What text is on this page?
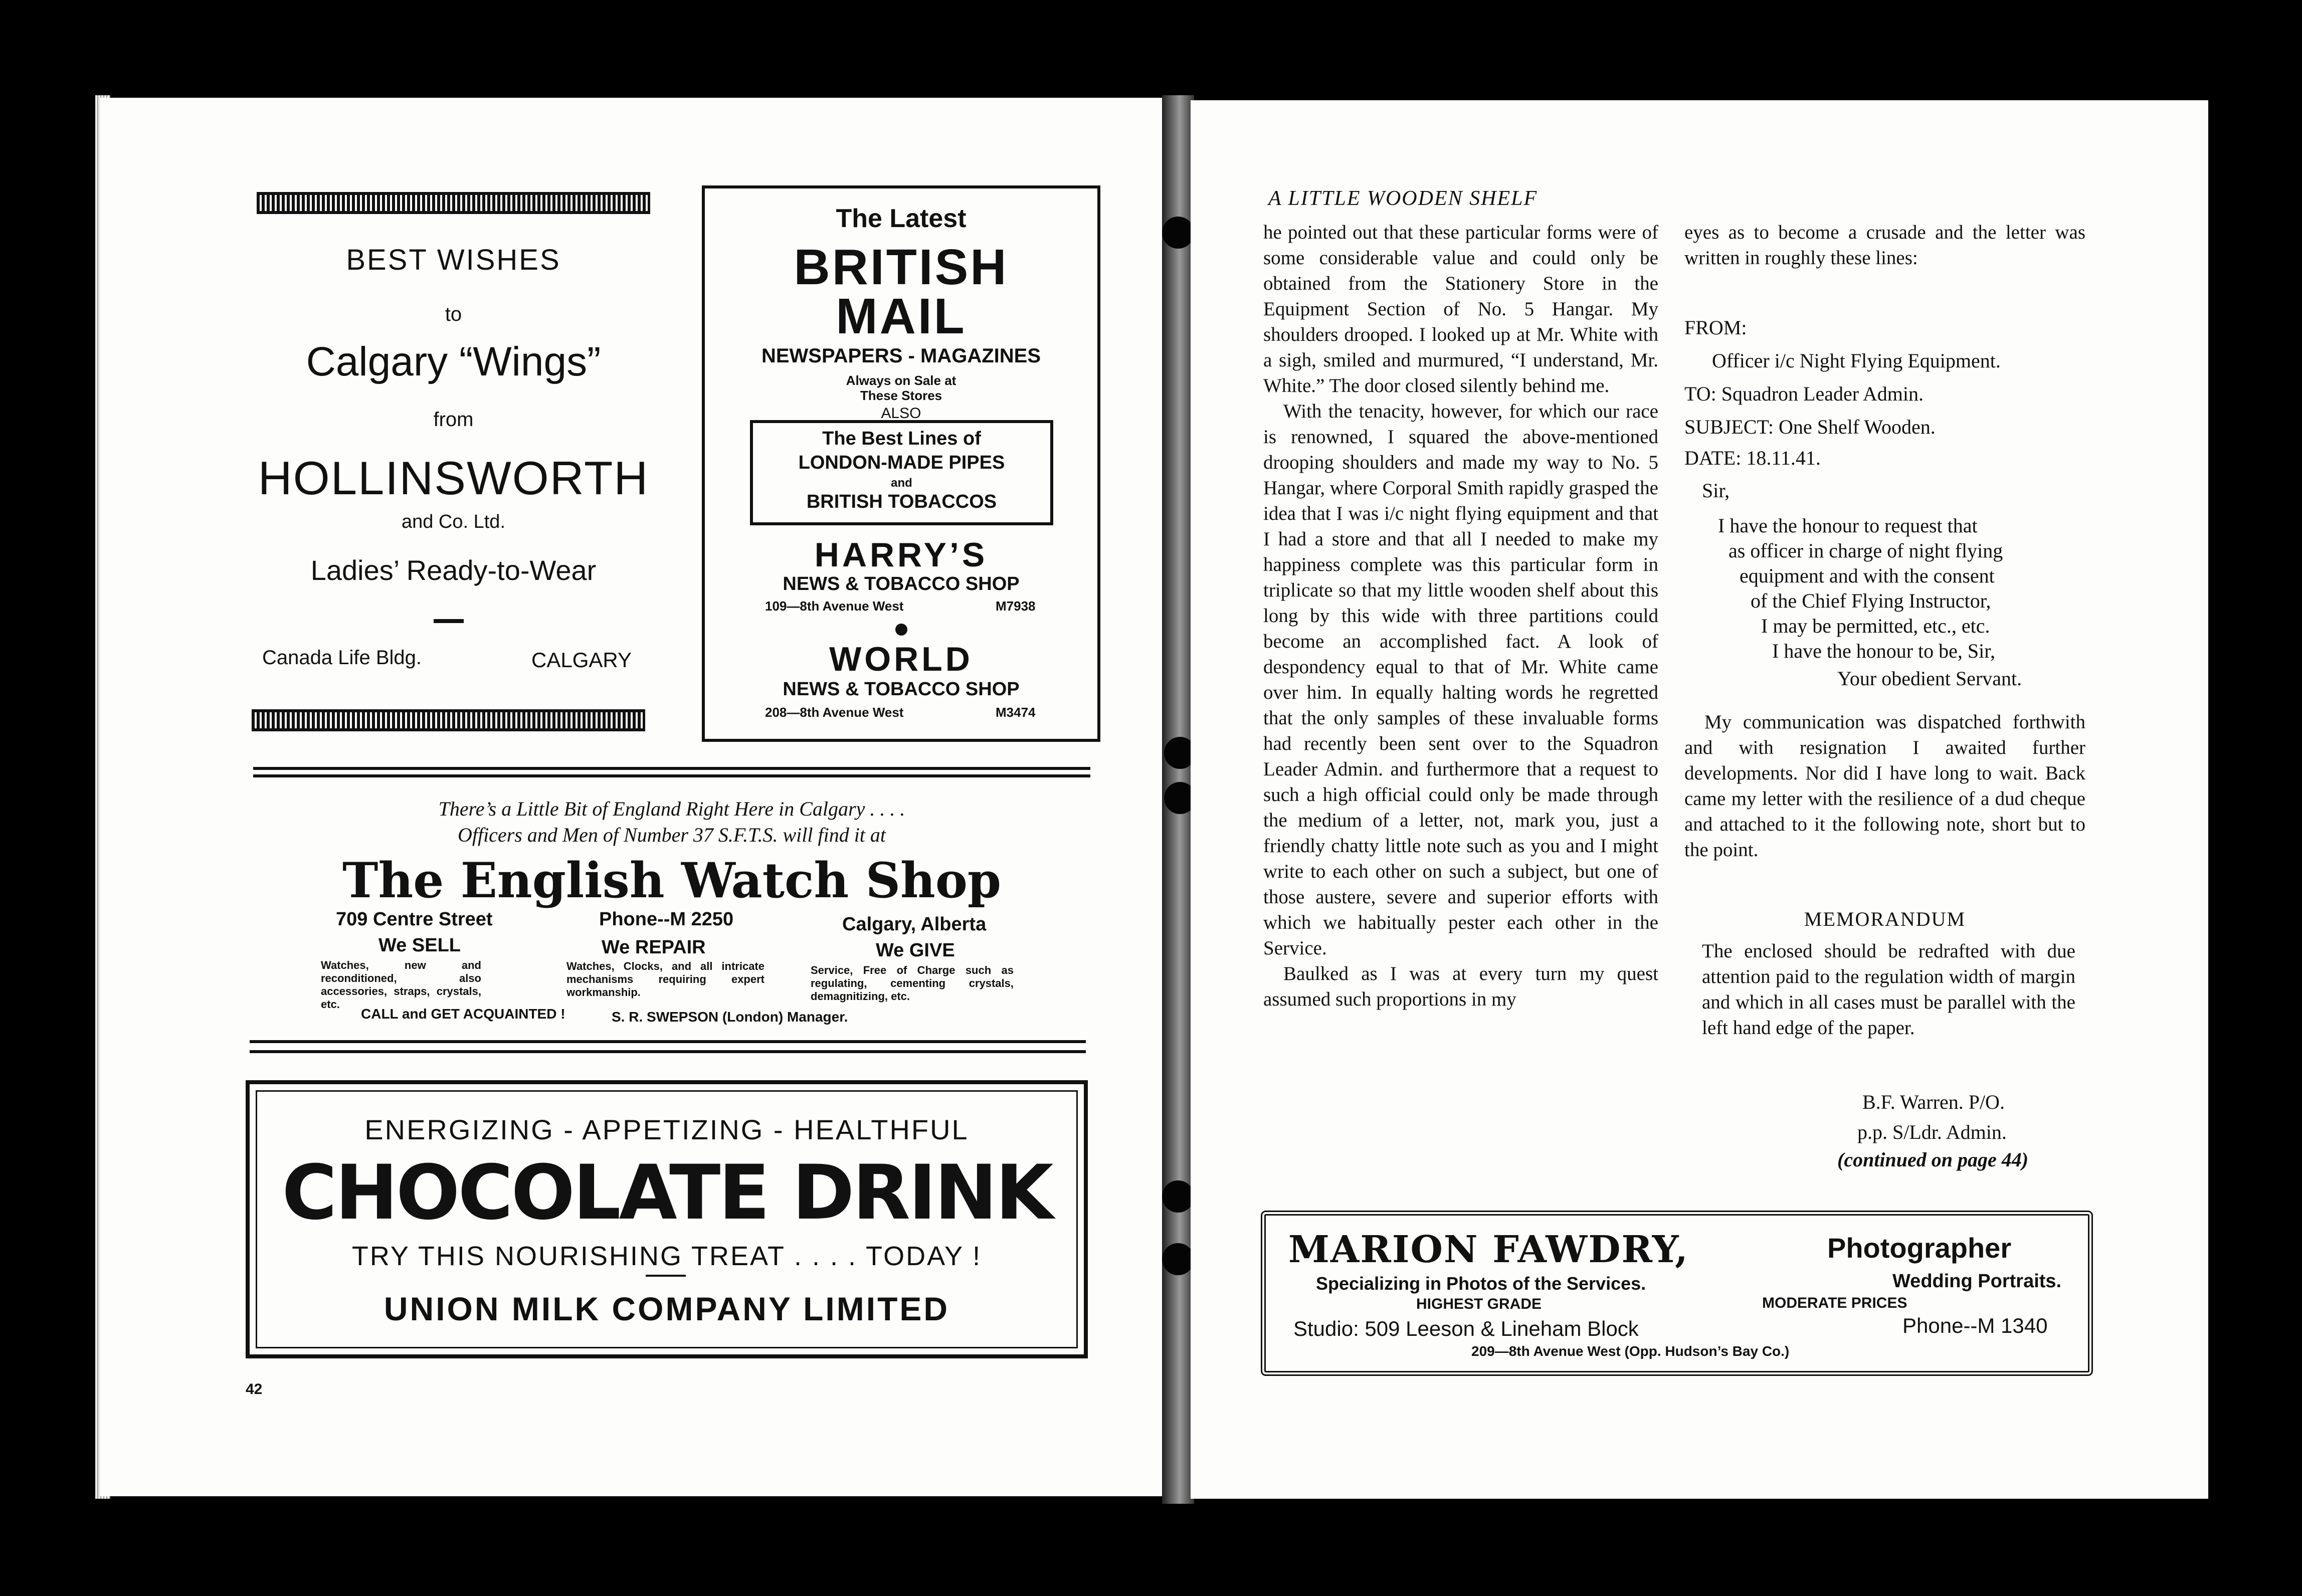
BEST WISHES
to
Calgary “Wings”
from
HOLLINSWORTH
and Co. Ltd.
Ladies’ Ready-to-Wear
Canada Life Bldg.	CALGARY
The Latest
BRITISH
MAIL
NEWSPAPERS - MAGAZINES
Always on Sale at
These Stores
ALSO
The Best Lines of
LONDON-MADE PIPES
and
BRITISH TOBACCOS
HARRY’S
NEWS & TOBACCO SHOP
109—8th Avenue West	M7938
WORLD
NEWS & TOBACCO SHOP
208—8th Avenue West	M3474
There’s a Little Bit of England Right Here in Calgary . . . .
Officers and Men of Number 37 S.F.T.S. will find it at
The English Watch Shop
709 Centre Street	Phone--M 2250	Calgary, Alberta
We SELL	We REPAIR	We GIVE
Watches, new and reconditioned, also accessories, straps, crystals, etc.
Watches, Clocks, and all intricate mechanisms requiring expert workmanship.
Service, Free of Charge such as regulating, cementing crystals, demagnitizing, etc.
CALL and GET ACQUAINTED !	S. R. SWEPSON (London) Manager.
ENERGIZING - APPETIZING - HEALTHFUL
CHOCOLATE DRINK
TRY THIS NOURISHING TREAT . . . . TODAY !
UNION MILK COMPANY LIMITED
42
A LITTLE WOODEN SHELF

he pointed out that these particular forms were of some considerable value and could only be obtained from the Stationery Store in the Equipment Section of No. 5 Hangar. My shoulders drooped. I looked up at Mr. White with a sigh, smiled and murmured, “I understand, Mr. White.” The door closed silently behind me.

With the tenacity, however, for which our race is renowned, I squared the above-mentioned drooping shoulders and made my way to No. 5 Hangar, where Corporal Smith rapidly grasped the idea that I was i/c night flying equipment and that I had a store and that all I needed to make my happiness complete was this particular form in triplicate so that my little wooden shelf about this long by this wide with three partitions could become an accomplished fact. A look of despondency equal to that of Mr. White came over him. In equally halting words he regretted that the only samples of these invaluable forms had recently been sent over to the Squadron Leader Admin. and furthermore that a request to such a high official could only be made through the medium of a letter, not, mark you, just a friendly chatty little note such as you and I might write to each other on such a subject, but one of those austere, severe and superior efforts with which we habitually pester each other in the Service.

Baulked as I was at every turn my quest assumed such proportions in my

eyes as to become a crusade and the letter was written in roughly these lines:

FROM:
Officer i/c Night Flying Equipment.
TO: Squadron Leader Admin.
SUBJECT: One Shelf Wooden.
DATE: 18.11.41.
Sir,
I have the honour to request that
as officer in charge of night flying
equipment and with the consent
of the Chief Flying Instructor,
I may be permitted, etc., etc.
I have the honour to be, Sir,
Your obedient Servant.

My communication was dispatched forthwith and with resignation I awaited further developments. Nor did I have long to wait. Back came my letter with the resilience of a dud cheque and attached to it the following note, short but to the point.

MEMORANDUM

The enclosed should be redrafted with due attention paid to the regulation width of margin and which in all cases must be parallel with the left hand edge of the paper.

B.F. Warren. P/O.
p.p. S/Ldr. Admin.
(continued on page 44)
MARION FAWDRY,	Photographer
Specializing in Photos of the Services.	Wedding Portraits.
HIGHEST GRADE	MODERATE PRICES
Studio: 509 Leeson & Lineham Block	Phone--M 1340
209—8th Avenue West (Opp. Hudson’s Bay Co.)
